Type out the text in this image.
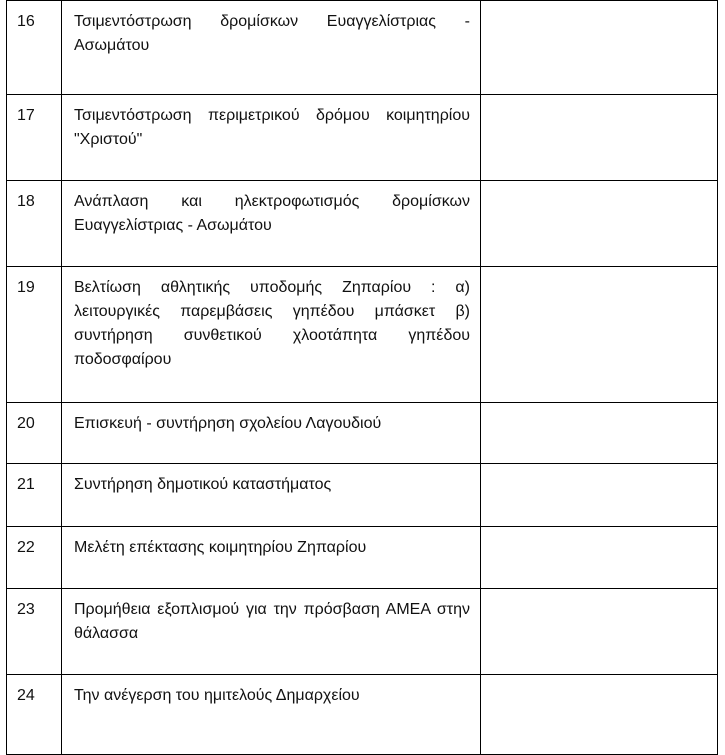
16	Τσιμεντόστρωση δρομίσκων Ευαγγελίστριας - Ασωμάτου	
17	Τσιμεντόστρωση περιμετρικού δρόμου κοιμητηρίου "Χριστού"	
18	Ανάπλαση και ηλεκτροφωτισμός δρομίσκων Ευαγγελίστριας - Ασωμάτου	
19	Βελτίωση αθλητικής υποδομής Ζηπαρίου : α) λειτουργικές παρεμβάσεις γηπέδου μπάσκετ β) συντήρηση συνθετικού χλοοτάπητα γηπέδου ποδοσφαίρου	
20	Επισκευή - συντήρηση σχολείου Λαγουδιού	
21	Συντήρηση δημοτικού καταστήματος	
22	Μελέτη επέκτασης κοιμητηρίου Ζηπαρίου	
23	Προμήθεια εξοπλισμού για την πρόσβαση ΑΜΕΑ στην θάλασσα	
24	Την ανέγερση του ημιτελούς Δημαρχείου	
